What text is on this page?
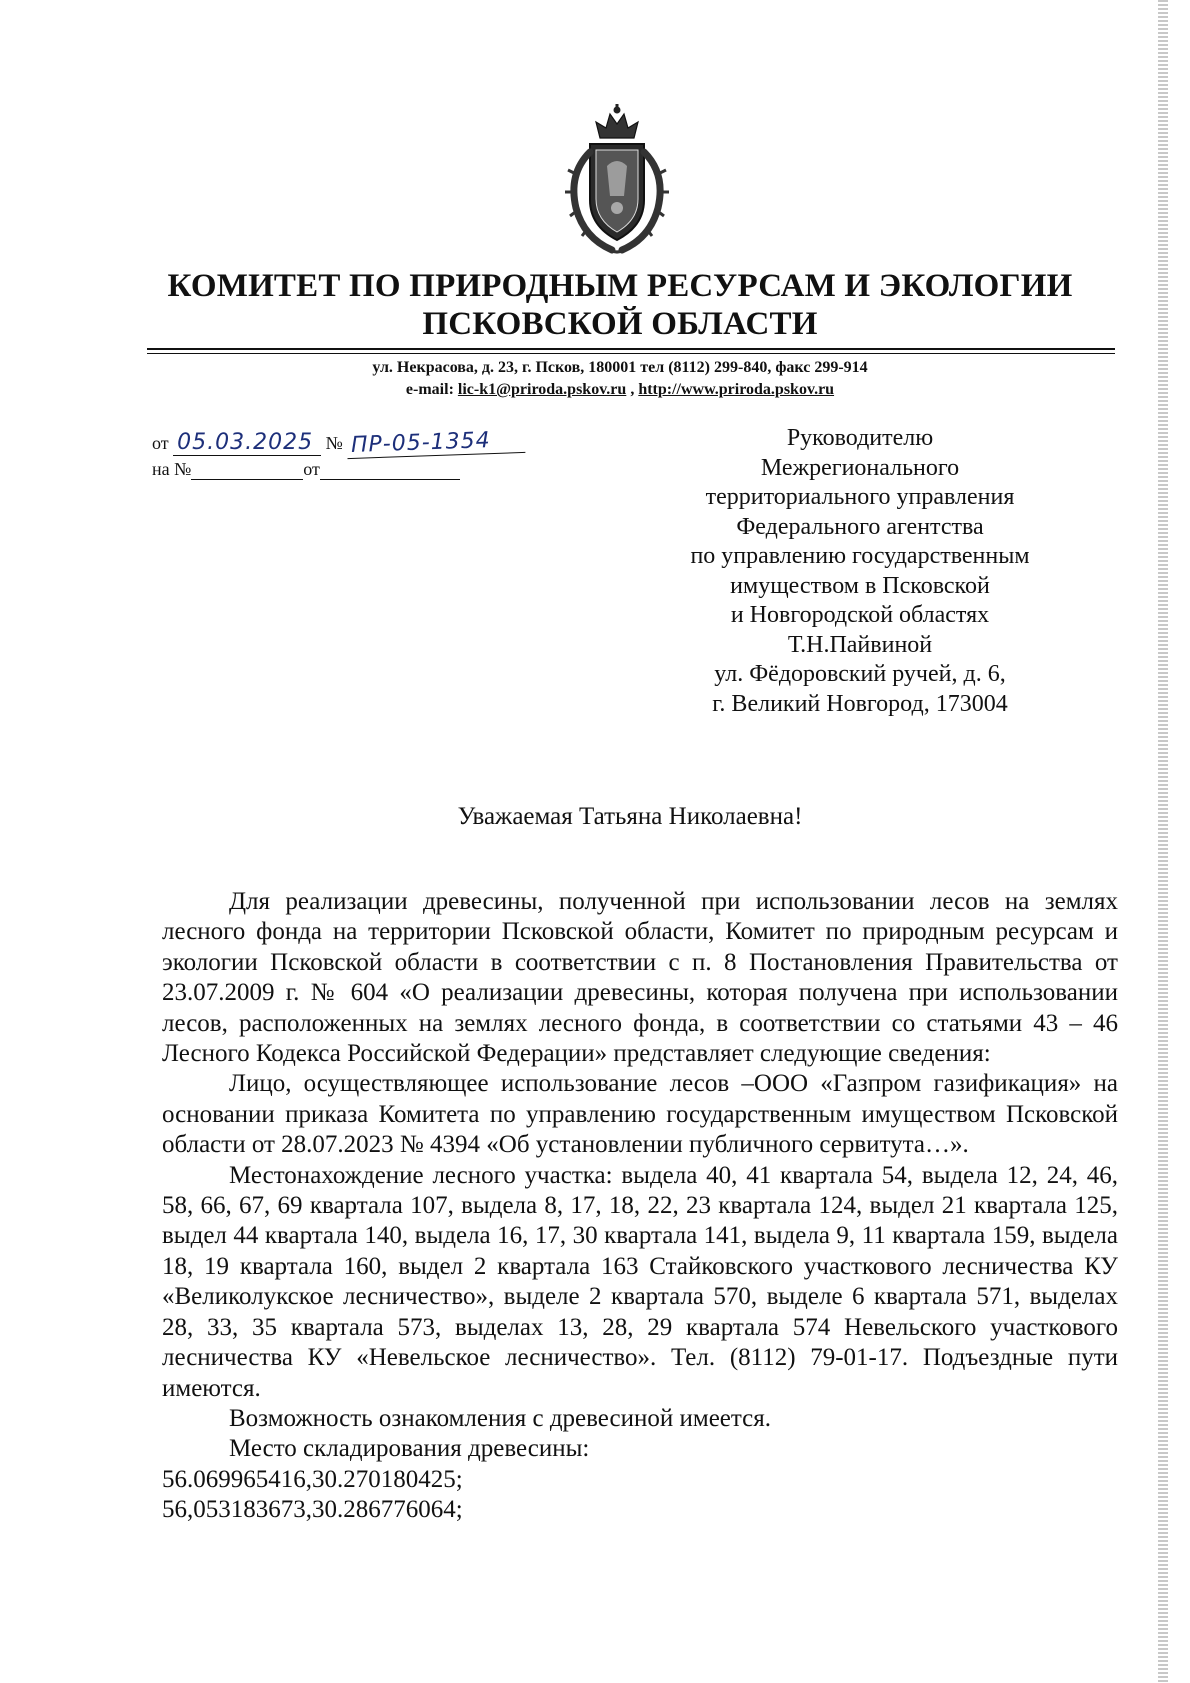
КОМИТЕТ ПО ПРИРОДНЫМ РЕСУРСАМ И ЭКОЛОГИИ
ПСКОВСКОЙ ОБЛАСТИ
ул. Некрасова, д. 23, г. Псков, 180001 тел (8112) 299-840, факс 299-914
e-mail: lic-k1@priroda.pskov.ru , http://www.priroda.pskov.ru
от 05.03.2025 № ПР-05-1354
на №	от
Руководителю
Межрегионального
территориального управления
Федерального агентства
по управлению государственным
имуществом в Псковской
и Новгородской областях
Т.Н.Пайвиной
ул. Фёдоровский ручей, д. 6,
г. Великий Новгород, 173004
Уважаемая Татьяна Николаевна!

Для реализации древесины, полученной при использовании лесов на землях лесного фонда на территории Псковской области, Комитет по природным ресурсам и экологии Псковской области в соответствии с п. 8 Постановления Правительства от 23.07.2009 г. № 604 «О реализации древесины, которая получена при использовании лесов, расположенных на землях лесного фонда, в соответствии со статьями 43 – 46 Лесного Кодекса Российской Федерации» представляет следующие сведения:

Лицо, осуществляющее использование лесов –ООО «Газпром газификация» на основании приказа Комитета по управлению государственным имуществом Псковской области от 28.07.2023 № 4394 «Об установлении публичного сервитута…».

Местонахождение лесного участка: выдела 40, 41 квартала 54, выдела 12, 24, 46, 58, 66, 67, 69 квартала 107, выдела 8, 17, 18, 22, 23 квартала 124, выдел 21 квартала 125, выдел 44 квартала 140, выдела 16, 17, 30 квартала 141, выдела 9, 11 квартала 159, выдела 18, 19 квартала 160, выдел 2 квартала 163 Стайковского участкового лесничества КУ «Великолукское лесничество», выделе 2 квартала 570, выделе 6 квартала 571, выделах 28, 33, 35 квартала 573, выделах 13, 28, 29 квартала 574 Невельского участкового лесничества КУ «Невельское лесничество». Тел. (8112) 79-01-17. Подъездные пути имеются.

Возможность ознакомления с древесиной имеется.

Место складирования древесины:

56.069965416,30.270180425;
56,053183673,30.286776064;
